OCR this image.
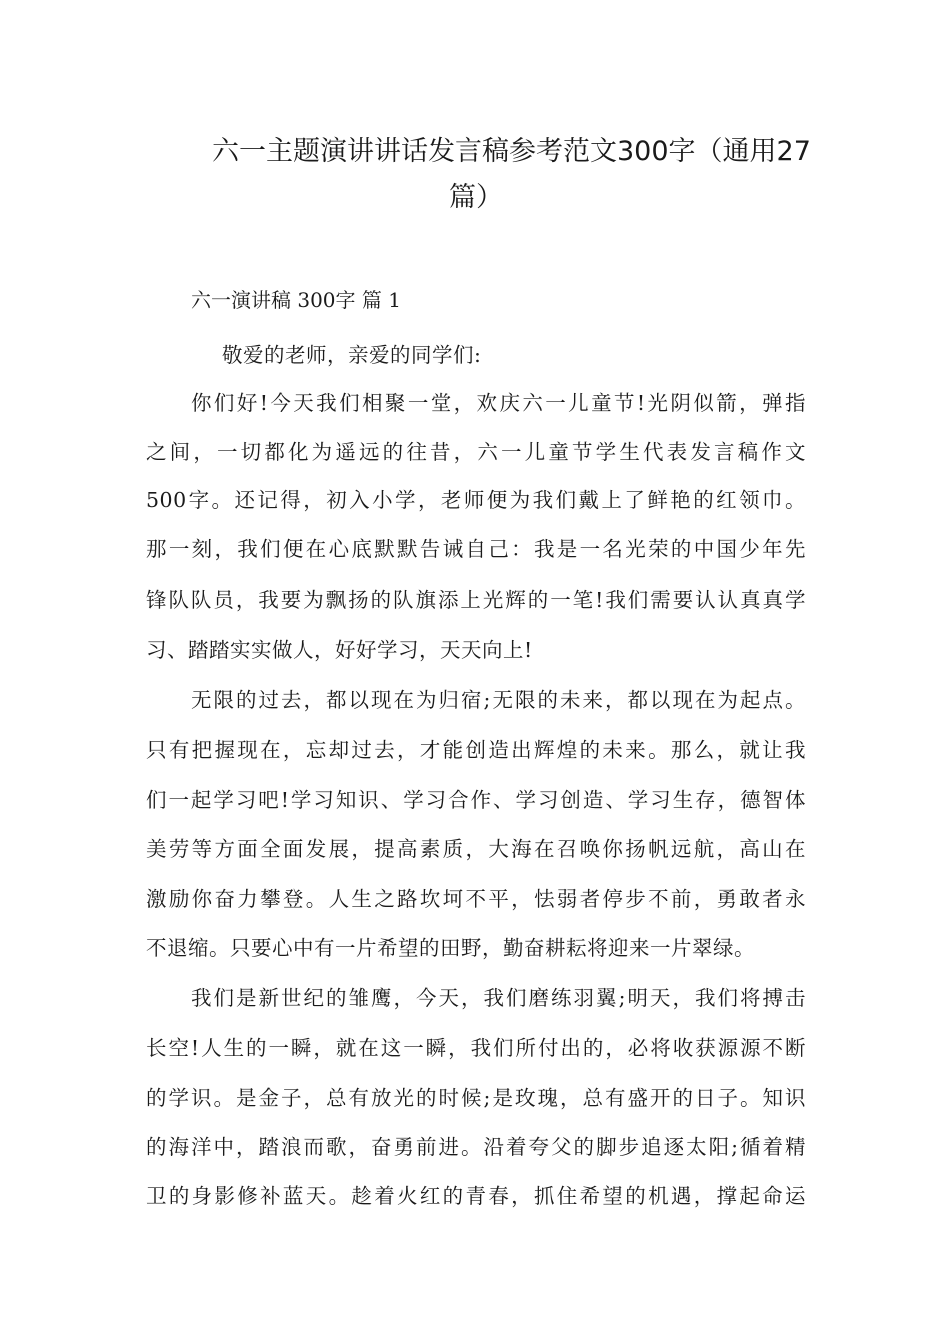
六一主题演讲讲话发言稿参考范文300字（通用27
篇）
六一演讲稿 300字 篇 1
敬爱的老师，亲爱的同学们:
你们好!今天我们相聚一堂，欢庆六一儿童节!光阴似箭，弹指
之间，一切都化为遥远的往昔，六一儿童节学生代表发言稿作文
500字。还记得，初入小学，老师便为我们戴上了鲜艳的红领巾。
那一刻，我们便在心底默默告诫自己：我是一名光荣的中国少年先
锋队队员，我要为飘扬的队旗添上光辉的一笔!我们需要认认真真学
习、踏踏实实做人，好好学习，天天向上!
无限的过去，都以现在为归宿;无限的未来，都以现在为起点。
只有把握现在，忘却过去，才能创造出辉煌的未来。那么，就让我
们一起学习吧!学习知识、学习合作、学习创造、学习生存，德智体
美劳等方面全面发展，提高素质，大海在召唤你扬帆远航，高山在
激励你奋力攀登。人生之路坎坷不平，怯弱者停步不前，勇敢者永
不退缩。只要心中有一片希望的田野，勤奋耕耘将迎来一片翠绿。
我们是新世纪的雏鹰，今天，我们磨练羽翼;明天，我们将搏击
长空!人生的一瞬，就在这一瞬，我们所付出的，必将收获源源不断
的学识。是金子，总有放光的时候;是玫瑰，总有盛开的日子。知识
的海洋中，踏浪而歌，奋勇前进。沿着夸父的脚步追逐太阳;循着精
卫的身影修补蓝天。趁着火红的青春，抓住希望的机遇，撑起命运
